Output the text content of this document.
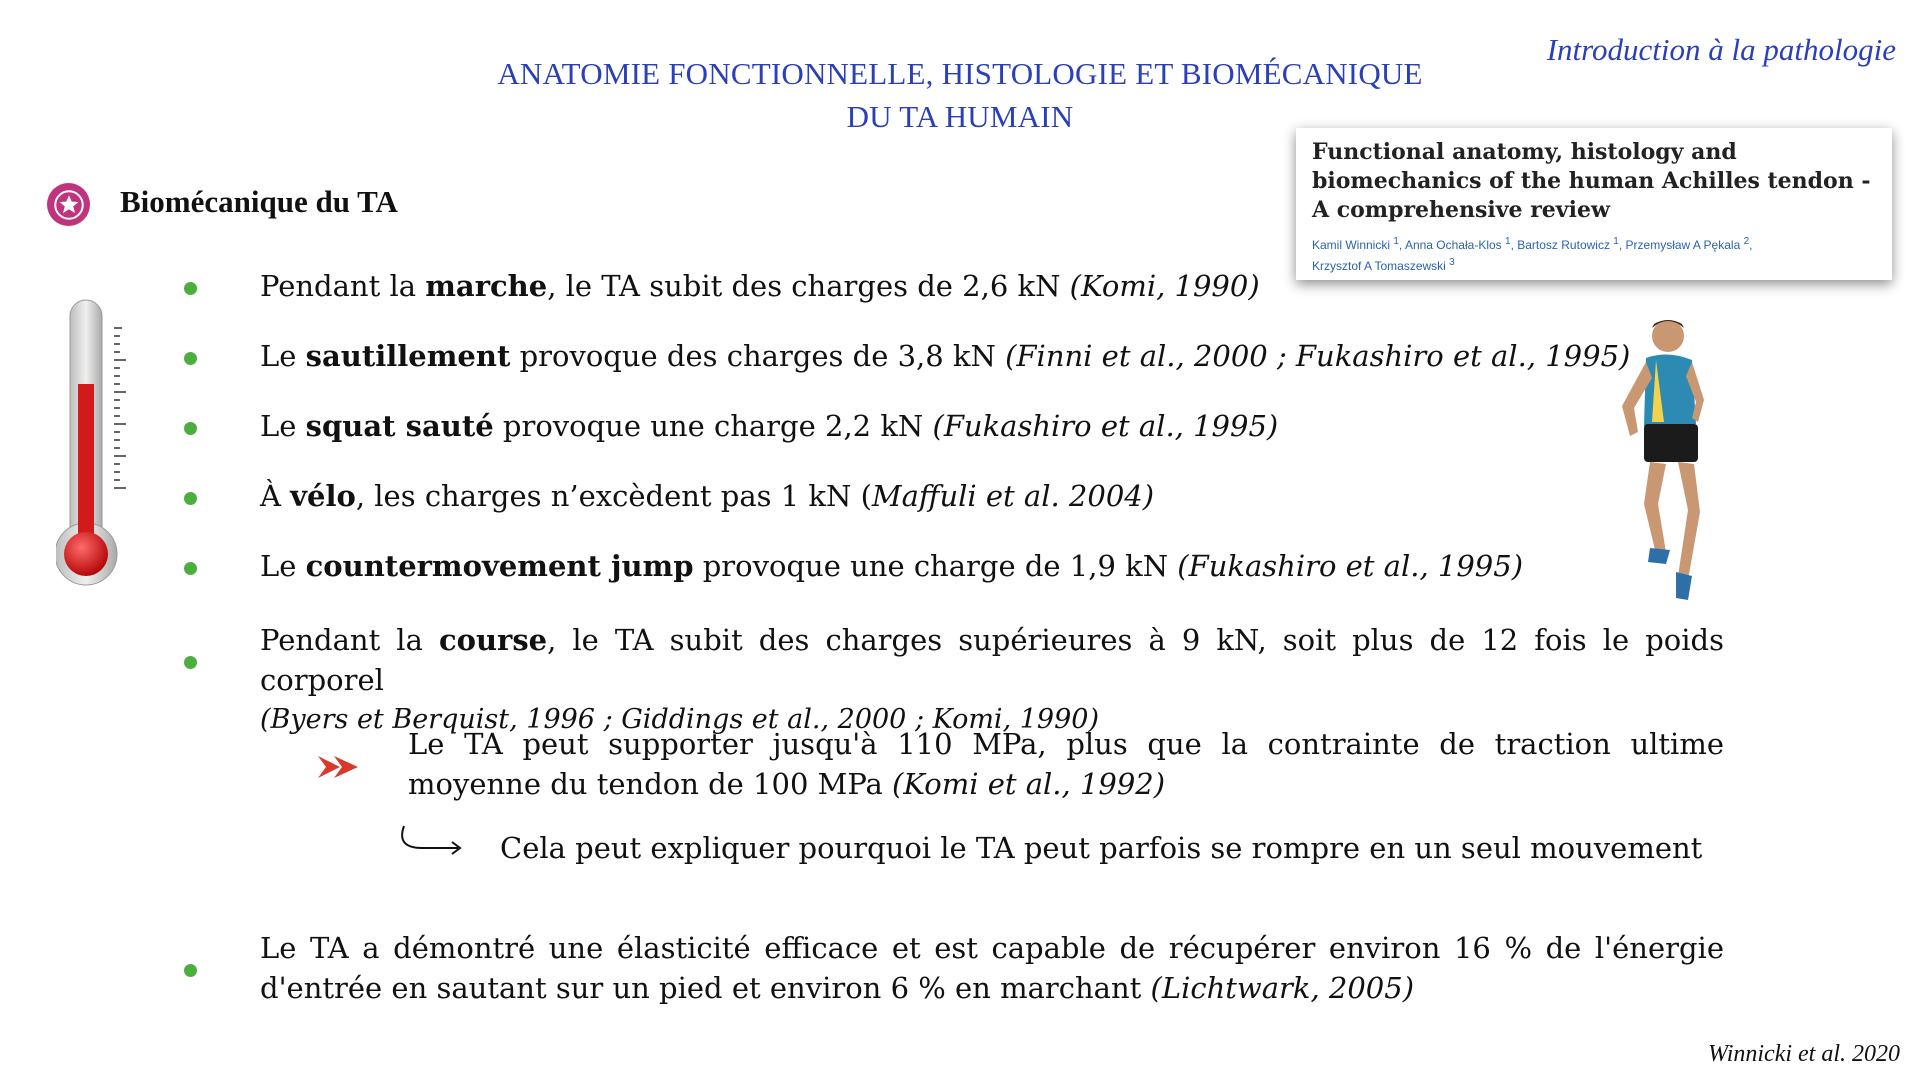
ANATOMIE FONCTIONNELLE, HISTOLOGIE ET BIOMÉCANIQUE
DU TA HUMAIN
Introduction à la pathologie
Biomécanique du TA
Functional anatomy, histology and biomechanics of the human Achilles tendon - A comprehensive review
Kamil Winnicki $^1$, Anna Ochała-Klos $^1$, Bartosz Rutowicz $^1$, Przemysław A Pękala $^2$,
Krzysztof A Tomaszewski $^3$
Pendant la marche, le TA subit des charges de 2,6 kN (Komi, 1990)
Le sautillement provoque des charges de 3,8 kN (Finni et al., 2000 ; Fukashiro et al., 1995)
Le squat sauté provoque une charge 2,2 kN (Fukashiro et al., 1995)
À vélo, les charges n’excèdent pas 1 kN (Maffuli et al. 2004)
Le countermovement jump provoque une charge de 1,9 kN (Fukashiro et al., 1995)
Pendant la course, le TA subit des charges supérieures à 9 kN, soit plus de 12 fois le poids corporel
(Byers et Berquist, 1996 ; Giddings et al., 2000 ; Komi, 1990)
Le TA peut supporter jusqu'à 110 MPa, plus que la contrainte de traction ultime moyenne du tendon de 100 MPa (Komi et al., 1992)
Cela peut expliquer pourquoi le TA peut parfois se rompre en un seul mouvement
Le TA a démontré une élasticité efficace et est capable de récupérer environ 16 % de l'énergie d'entrée en sautant sur un pied et environ 6 % en marchant (Lichtwark, 2005)
Winnicki et al. 2020
